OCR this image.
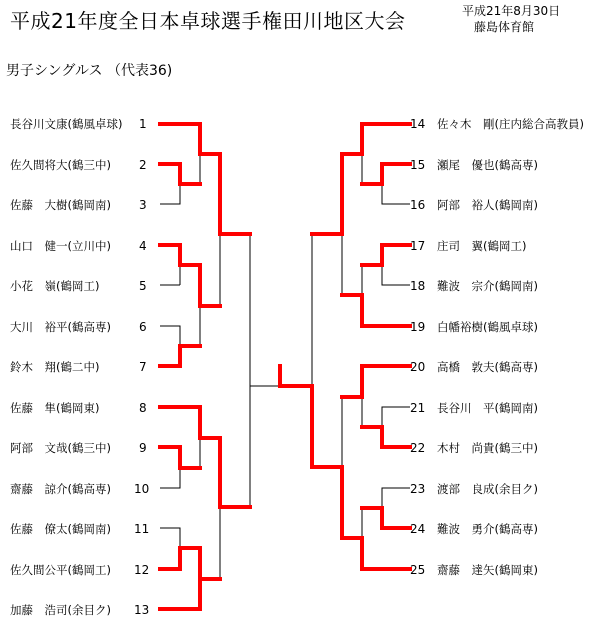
平成21年度全日本卓球選手権田川地区大会	平成21年8月30日
藤島体育館
男子シングルス （代表36)
長谷川文康(鶴風卓球) 1
佐久間将大(鶴三中) 2
佐藤　大樹(鶴岡南) 3
山口　健一(立川中) 4
小花　嶺(鶴岡工)	5
大川　裕平(鶴高専) 6
鈴木　翔(鶴二中)	7
佐藤　隼(鶴岡東)	8
阿部　文哉(鶴三中) 9
齋藤　諒介(鶴高専) 10
佐藤　僚太(鶴岡南) 11
佐久間公平(鶴岡工) 12
加藤　浩司(余目ク) 13
14 佐々木　剛(庄内総合高教員)
15 瀬尾　優也(鶴高専)
16 阿部　裕人(鶴岡南)
17 庄司　翼(鶴岡工)
18 難波　宗介(鶴岡南)
19 白幡裕樹(鶴風卓球)
20 高橋　敦夫(鶴高専)
21 長谷川　平(鶴岡南)
22 木村　尚貴(鶴三中)
23 渡部　良成(余目ク)
24 難波　勇介(鶴高専)
25 齋藤　達矢(鶴岡東)
